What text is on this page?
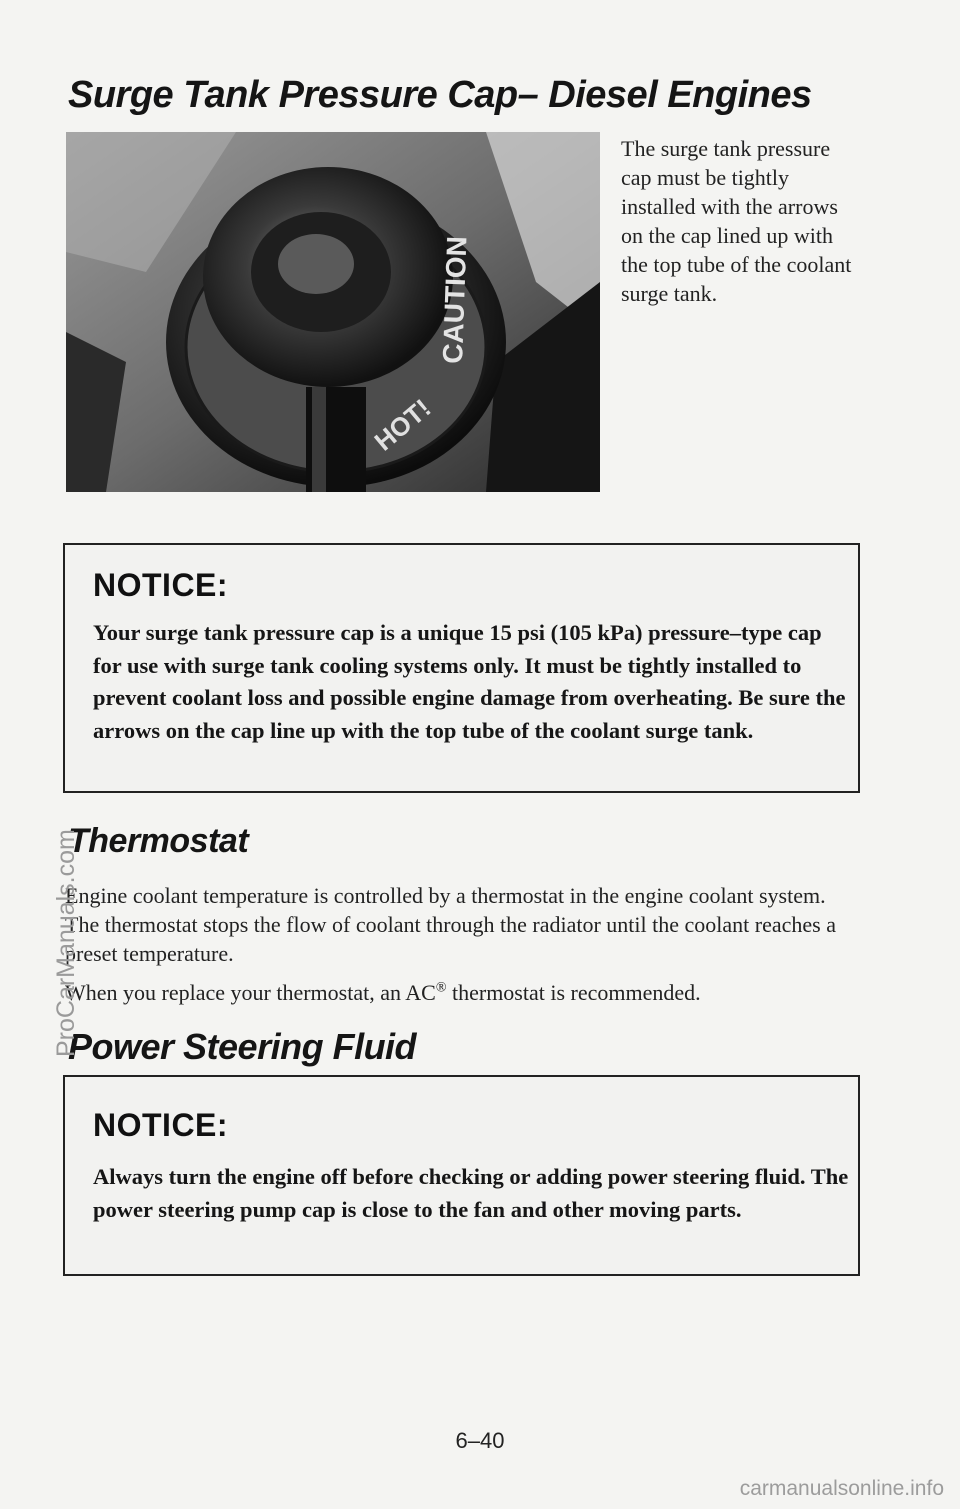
Surge Tank Pressure Cap– Diesel Engines
CAUTION
HOT!

The surge tank pressure cap must be tightly installed with the arrows on the cap lined up with the top tube of the coolant surge tank.

NOTICE:

Your surge tank pressure cap is a unique 15 psi (105 kPa) pressure–type cap for use with surge tank cooling systems only. It must be tightly installed to prevent coolant loss and possible engine damage from overheating. Be sure the arrows on the cap line up with the top tube of the coolant surge tank.

Thermostat

Engine coolant temperature is controlled by a thermostat in the engine coolant system. The thermostat stops the flow of coolant through the radiator until the coolant reaches a preset temperature.

When you replace your thermostat, an AC® thermostat is recommended.

Power Steering Fluid

NOTICE:

Always turn the engine off before checking or adding power steering fluid. The power steering pump cap is close to the fan and other moving parts.

6–40
ProCarManuals.com
carmanualsonline.info
